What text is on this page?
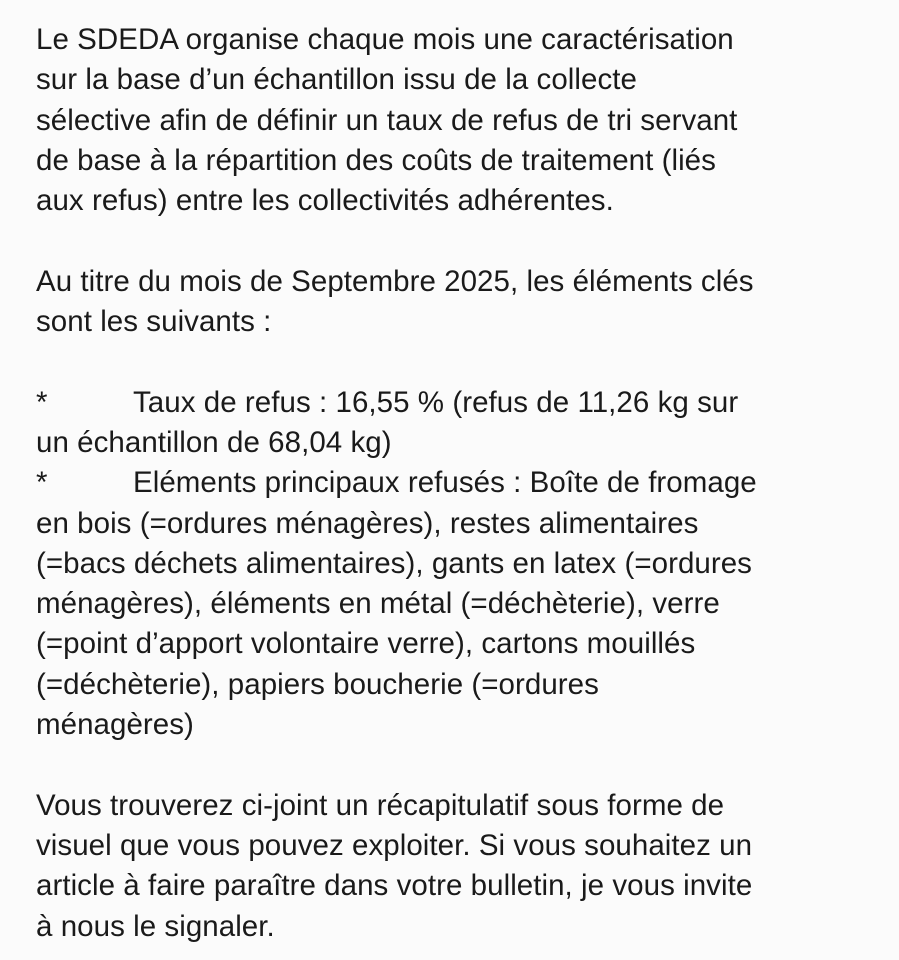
Le SDEDA organise chaque mois une caractérisation
sur la base d’un échantillon issu de la collecte
sélective afin de définir un taux de refus de tri servant
de base à la répartition des coûts de traitement (liés
aux refus) entre les collectivités adhérentes.

Au titre du mois de Septembre 2025, les éléments clés
sont les suivants :

*	Taux de refus : 16,55 % (refus de 11,26 kg sur
un échantillon de 68,04 kg)
*	Eléments principaux refusés : Boîte de fromage
en bois (=ordures ménagères), restes alimentaires
(=bacs déchets alimentaires), gants en latex (=ordures
ménagères), éléments en métal (=déchèterie), verre
(=point d’apport volontaire verre), cartons mouillés
(=déchèterie), papiers boucherie (=ordures
ménagères)

Vous trouverez ci-joint un récapitulatif sous forme de
visuel que vous pouvez exploiter. Si vous souhaitez un
article à faire paraître dans votre bulletin, je vous invite
à nous le signaler.
